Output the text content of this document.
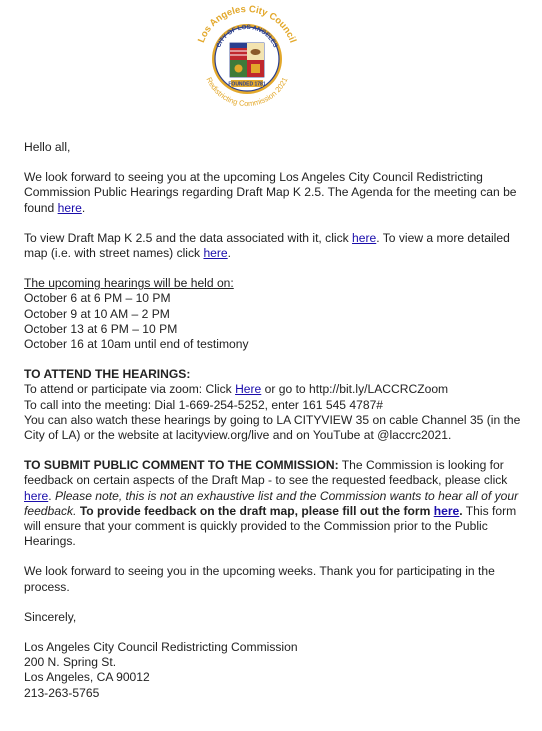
Los Angeles City Council
Redistricting Commission 2021
CITY OF LOS ANGELES
FOUNDED 1781

Hello all,

We look forward to seeing you at the upcoming Los Angeles City Council Redistricting Commission Public Hearings regarding Draft Map K 2.5. The Agenda for the meeting can be found here.

To view Draft Map K 2.5 and the data associated with it, click here. To view a more detailed map (i.e. with street names) click here.

The upcoming hearings will be held on:
October 6 at 6 PM – 10 PM
October 9 at 10 AM – 2 PM
October 13 at 6 PM – 10 PM
October 16 at 10am until end of testimony

TO ATTEND THE HEARINGS:
To attend or participate via zoom: Click Here or go to http://bit.ly/LACCRCZoom
To call into the meeting: Dial 1-669-254-5252, enter 161 545 4787#
You can also watch these hearings by going to LA CITYVIEW 35 on cable Channel 35 (in the City of LA) or the website at lacityview.org/live and on YouTube at @laccrc2021.

TO SUBMIT PUBLIC COMMENT TO THE COMMISSION: The Commission is looking for feedback on certain aspects of the Draft Map - to see the requested feedback, please click here. Please note, this is not an exhaustive list and the Commission wants to hear all of your feedback. To provide feedback on the draft map, please fill out the form here. This form will ensure that your comment is quickly provided to the Commission prior to the Public Hearings.

We look forward to seeing you in the upcoming weeks. Thank you for participating in the process.

Sincerely,

Los Angeles City Council Redistricting Commission
200 N. Spring St.
Los Angeles, CA 90012
213-263-5765
